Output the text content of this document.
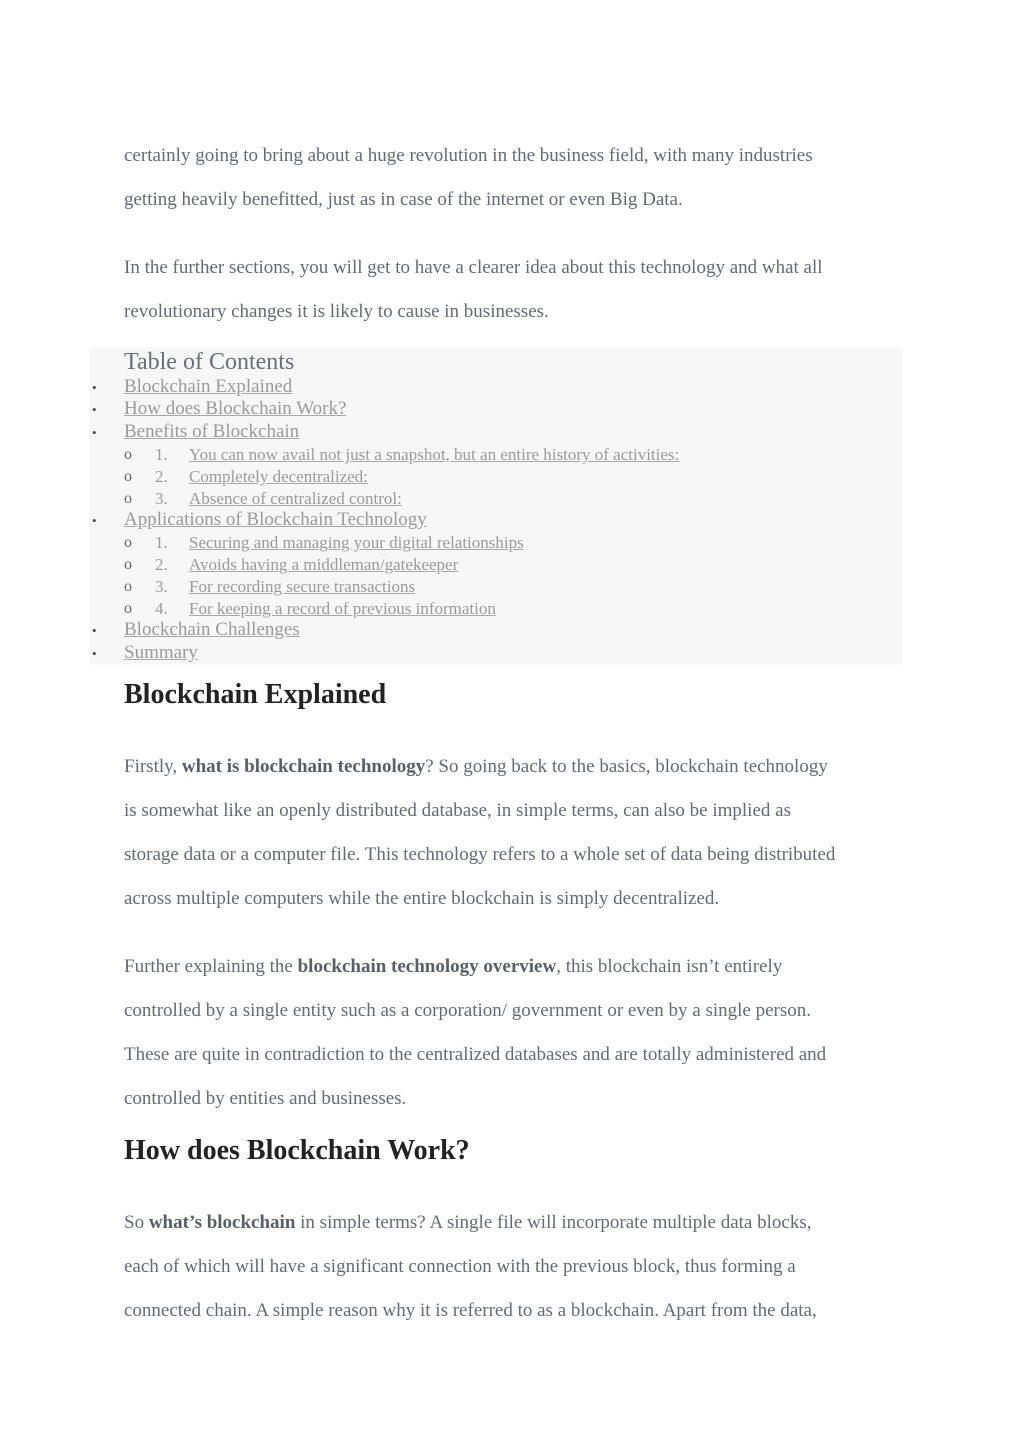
certainly going to bring about a huge revolution in the business field, with many industries
getting heavily benefitted, just as in case of the internet or even Big Data.
In the further sections, you will get to have a clearer idea about this technology and what all
revolutionary changes it is likely to cause in businesses.
Table of Contents
• Blockchain Explained
• How does Blockchain Work?
• Benefits of Blockchain
o 1. You can now avail not just a snapshot, but an entire history of activities:
o 2. Completely decentralized:
o 3. Absence of centralized control:
• Applications of Blockchain Technology
o 1. Securing and managing your digital relationships
o 2. Avoids having a middleman/gatekeeper
o 3. For recording secure transactions
o 4. For keeping a record of previous information
• Blockchain Challenges
• Summary
Blockchain Explained
Firstly, what is blockchain technology? So going back to the basics, blockchain technology
is somewhat like an openly distributed database, in simple terms, can also be implied as
storage data or a computer file. This technology refers to a whole set of data being distributed
across multiple computers while the entire blockchain is simply decentralized.
Further explaining the blockchain technology overview, this blockchain isn’t entirely
controlled by a single entity such as a corporation/ government or even by a single person.
These are quite in contradiction to the centralized databases and are totally administered and
controlled by entities and businesses.
How does Blockchain Work?
So what’s blockchain in simple terms? A single file will incorporate multiple data blocks,
each of which will have a significant connection with the previous block, thus forming a
connected chain. A simple reason why it is referred to as a blockchain. Apart from the data,
